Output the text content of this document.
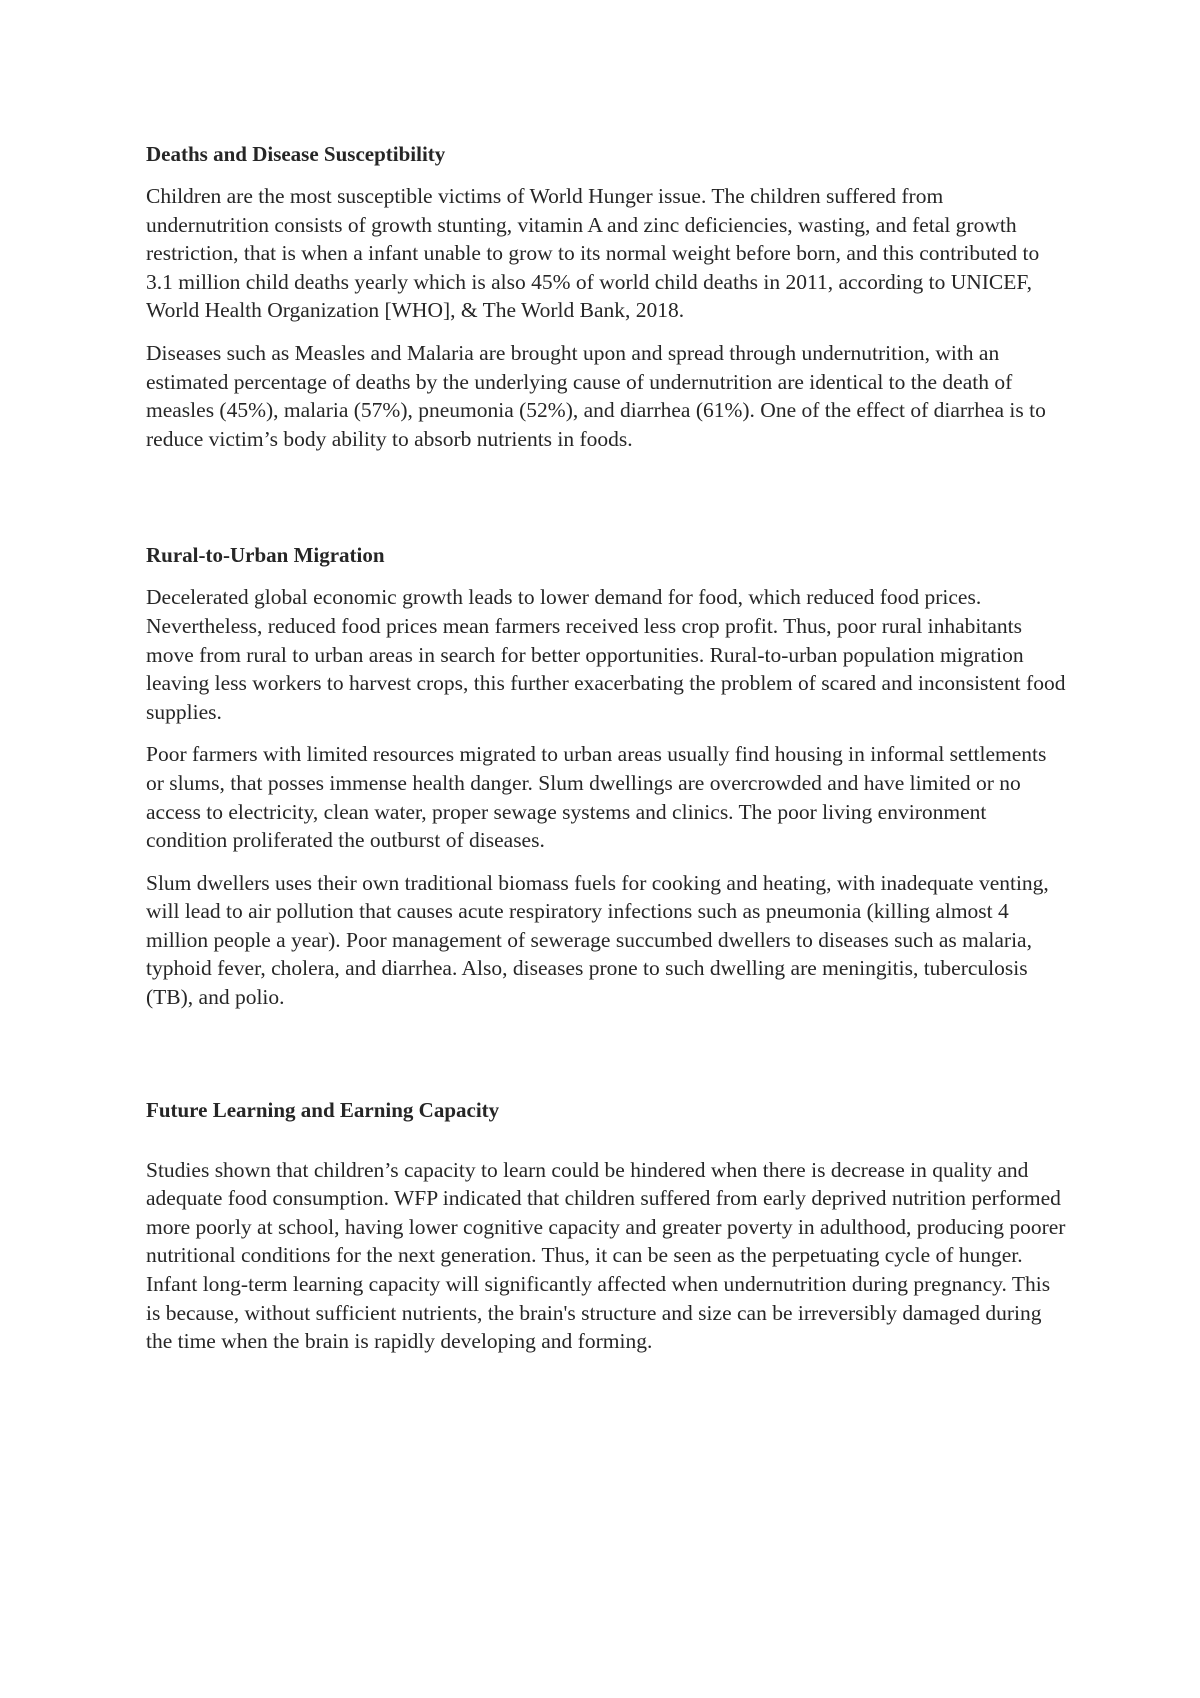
Deaths and Disease Susceptibility

Children are the most susceptible victims of World Hunger issue. The children suffered from undernutrition consists of growth stunting, vitamin A and zinc deficiencies, wasting, and fetal growth restriction, that is when a infant unable to grow to its normal weight before born, and this contributed to 3.1 million child deaths yearly which is also 45% of world child deaths in 2011, according to UNICEF, World Health Organization [WHO], & The World Bank, 2018.

Diseases such as Measles and Malaria are brought upon and spread through undernutrition, with an estimated percentage of deaths by the underlying cause of undernutrition are identical to the death of measles (45%), malaria (57%), pneumonia (52%), and diarrhea (61%). One of the effect of diarrhea is to reduce victim’s body ability to absorb nutrients in foods.

Rural-to-Urban Migration

Decelerated global economic growth leads to lower demand for food, which reduced food prices. Nevertheless, reduced food prices mean farmers received less crop profit. Thus, poor rural inhabitants move from rural to urban areas in search for better opportunities. Rural-to-urban population migration leaving less workers to harvest crops, this further exacerbating the problem of scared and inconsistent food supplies.

Poor farmers with limited resources migrated to urban areas usually find housing in informal settlements or slums, that posses immense health danger. Slum dwellings are overcrowded and have limited or no access to electricity, clean water, proper sewage systems and clinics. The poor living environment condition proliferated the outburst of diseases.

Slum dwellers uses their own traditional biomass fuels for cooking and heating, with inadequate venting, will lead to air pollution that causes acute respiratory infections such as pneumonia (killing almost 4 million people a year). Poor management of sewerage succumbed dwellers to diseases such as malaria, typhoid fever, cholera, and diarrhea. Also, diseases prone to such dwelling are meningitis, tuberculosis (TB), and polio.

Future Learning and Earning Capacity

Studies shown that children’s capacity to learn could be hindered when there is decrease in quality and adequate food consumption. WFP indicated that children suffered from early deprived nutrition performed more poorly at school, having lower cognitive capacity and greater poverty in adulthood, producing poorer nutritional conditions for the next generation. Thus, it can be seen as the perpetuating cycle of hunger. Infant long-term learning capacity will significantly affected when undernutrition during pregnancy. This is because, without sufficient nutrients, the brain's structure and size can be irreversibly damaged during the time when the brain is rapidly developing and forming.
